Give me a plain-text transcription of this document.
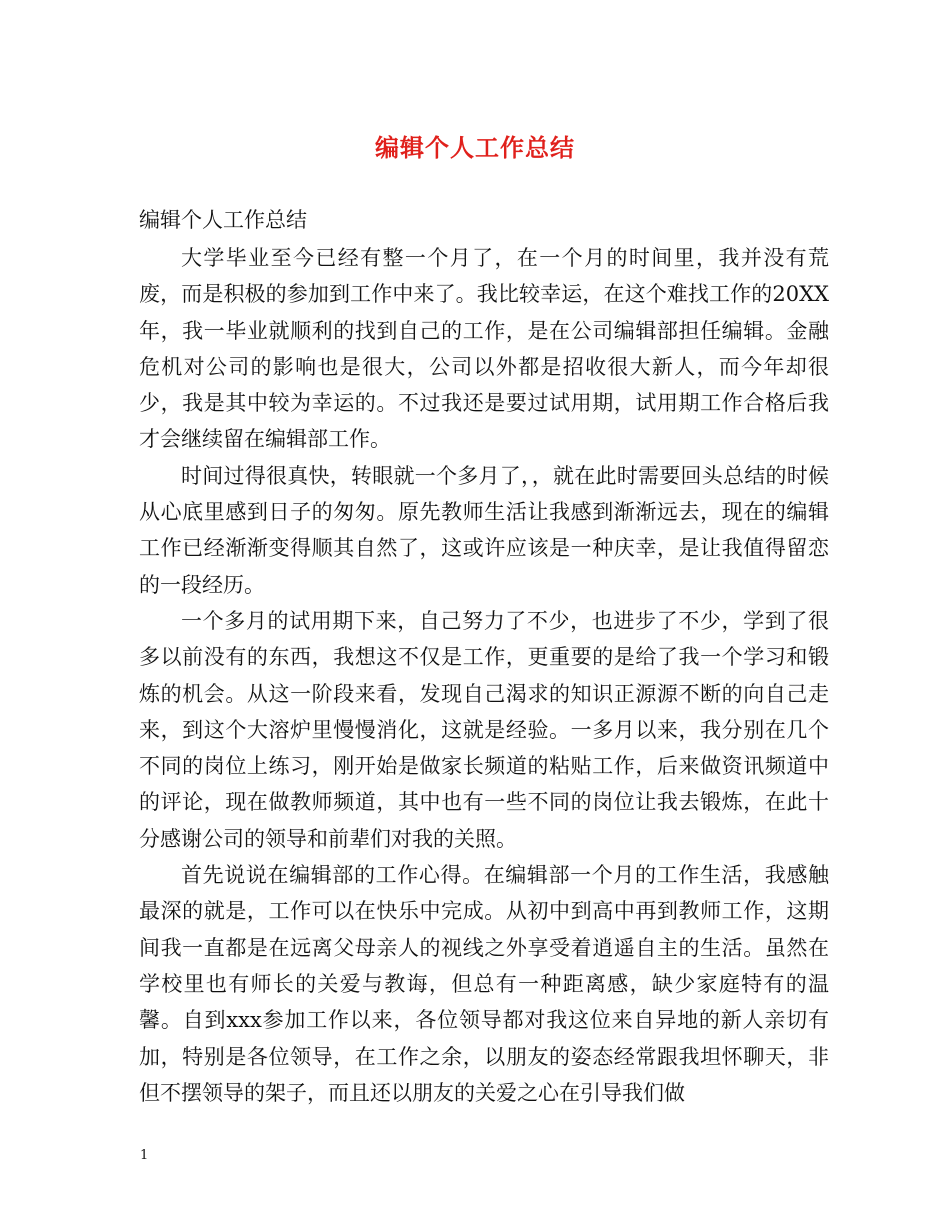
编辑个人工作总结
编辑个人工作总结

大学毕业至今已经有整一个月了，在一个月的时间里，我并没有荒废，而是积极的参加到工作中来了。我比较幸运，在这个难找工作的20XX年，我一毕业就顺利的找到自己的工作，是在公司编辑部担任编辑。金融危机对公司的影响也是很大，公司以外都是招收很大新人，而今年却很少，我是其中较为幸运的。不过我还是要过试用期，试用期工作合格后我才会继续留在编辑部工作。

时间过得很真快，转眼就一个多月了，，就在此时需要回头总结的时候从心底里感到日子的匆匆。原先教师生活让我感到渐渐远去，现在的编辑工作已经渐渐变得顺其自然了，这或许应该是一种庆幸，是让我值得留恋的一段经历。

一个多月的试用期下来，自己努力了不少，也进步了不少，学到了很多以前没有的东西，我想这不仅是工作，更重要的是给了我一个学习和锻炼的机会。从这一阶段来看，发现自己渴求的知识正源源不断的向自己走来，到这个大溶炉里慢慢消化，这就是经验。一多月以来，我分别在几个不同的岗位上练习，刚开始是做家长频道的粘贴工作，后来做资讯频道中的评论，现在做教师频道，其中也有一些不同的岗位让我去锻炼，在此十分感谢公司的领导和前辈们对我的关照。

首先说说在编辑部的工作心得。在编辑部一个月的工作生活，我感触最深的就是，工作可以在快乐中完成。从初中到高中再到教师工作，这期间我一直都是在远离父母亲人的视线之外享受着逍遥自主的生活。虽然在学校里也有师长的关爱与教诲，但总有一种距离感，缺少家庭特有的温馨。自到xxx参加工作以来，各位领导都对我这位来自异地的新人亲切有加，特别是各位领导，在工作之余，以朋友的姿态经常跟我坦怀聊天，非但不摆领导的架子，而且还以朋友的关爱之心在引导我们做

1
